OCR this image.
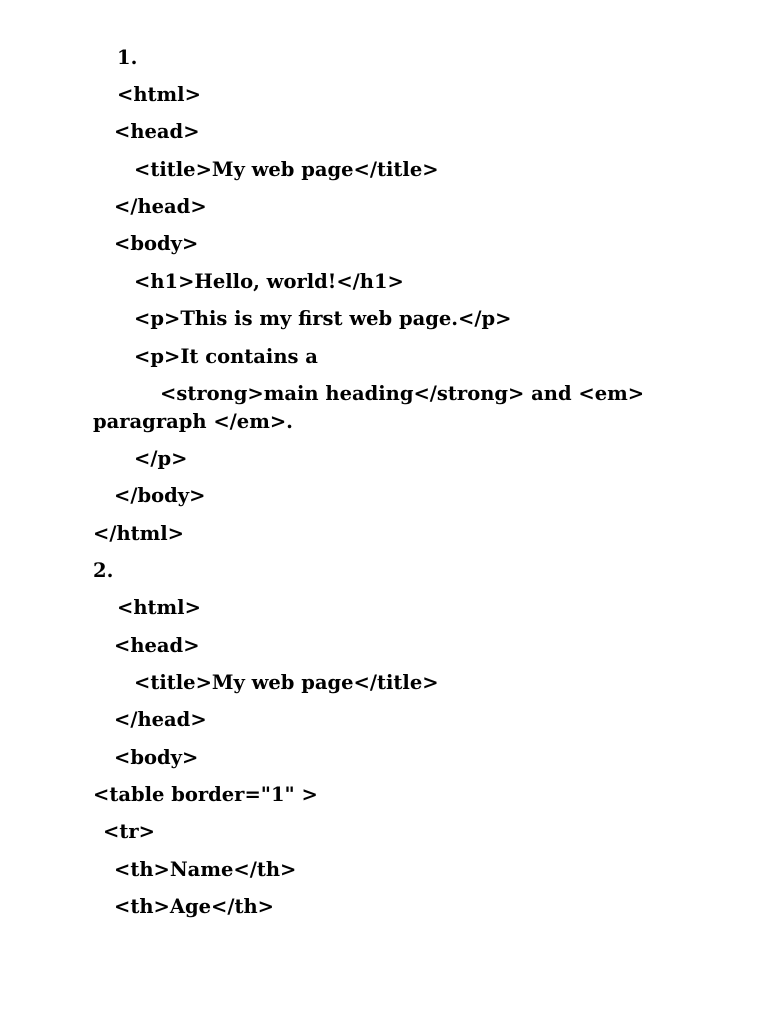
1.

<html>

<head>

<title>My web page</title>

</head>

<body>

<h1>Hello, world!</h1>

<p>This is my first web page.</p>

<p>It contains a

<strong>main heading</strong> and <em>

paragraph </em>.

</p>

</body>

</html>

2.

<html>

<head>

<title>My web page</title>

</head>

<body>

<table border="1" >

<tr>

<th>Name</th>

<th>Age</th>
